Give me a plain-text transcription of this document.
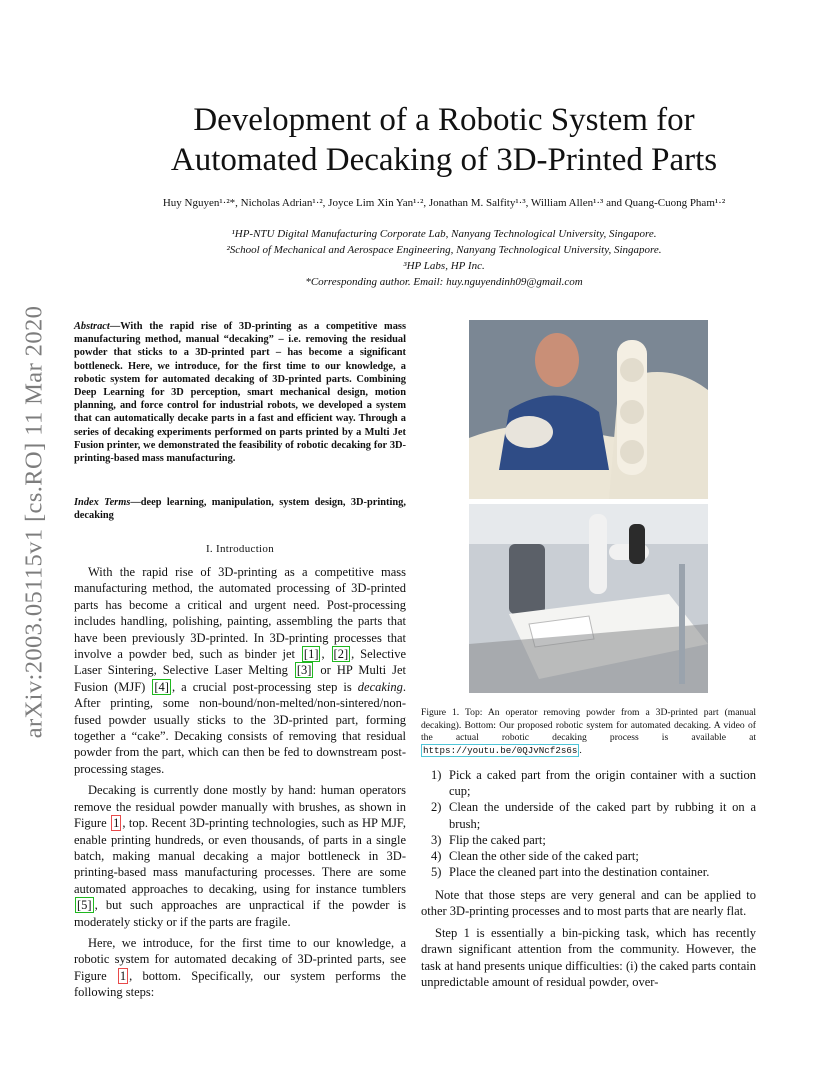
arXiv:2003.05115v1 [cs.RO] 11 Mar 2020
Development of a Robotic System for
Automated Decaking of 3D-Printed Parts
Huy Nguyen¹·²*, Nicholas Adrian¹·², Joyce Lim Xin Yan¹·², Jonathan M. Salfity¹·³, William Allen¹·³ and Quang-Cuong Pham¹·²
¹HP-NTU Digital Manufacturing Corporate Lab, Nanyang Technological University, Singapore.
²School of Mechanical and Aerospace Engineering, Nanyang Technological University, Singapore.
³HP Labs, HP Inc.
*Corresponding author. Email: huy.nguyendinh09@gmail.com

Abstract—With the rapid rise of 3D-printing as a competitive mass manufacturing method, manual “decaking” – i.e. removing the residual powder that sticks to a 3D-printed part – has become a significant bottleneck. Here, we introduce, for the first time to our knowledge, a robotic system for automated decaking of 3D-printed parts. Combining Deep Learning for 3D perception, smart mechanical design, motion planning, and force control for industrial robots, we developed a system that can automatically decake parts in a fast and efficient way. Through a series of decaking experiments performed on parts printed by a Multi Jet Fusion printer, we demonstrated the feasibility of robotic decaking for 3D-printing-based mass manufacturing.

Index Terms—deep learning, manipulation, system design, 3D-printing, decaking

I. Introduction

With the rapid rise of 3D-printing as a competitive mass manufacturing method, the automated processing of 3D-printed parts has become a critical and urgent need. Post-processing includes handling, polishing, painting, assembling the parts that have been previously 3D-printed. In 3D-printing processes that involve a powder bed, such as binder jet [1] , [2] , Selective Laser Sintering, Selective Laser Melting [3] or HP Multi Jet Fusion (MJF) [4] , a crucial post-processing step is decaking. After printing, some non-bound/non-melted/non-sintered/non-fused powder usually sticks to the 3D-printed part, forming together a “cake”. Decaking consists of removing that residual powder from the part, which can then be fed to downstream post-processing stages.

Decaking is currently done mostly by hand: human operators remove the residual powder manually with brushes, as shown in Figure 1 , top. Recent 3D-printing technologies, such as HP MJF, enable printing hundreds, or even thousands, of parts in a single batch, making manual decaking a major bottleneck in 3D-printing-based mass manufacturing processes. There are some automated approaches to decaking, using for instance tumblers [5] , but such approaches are unpractical if the powder is moderately sticky or if the parts are fragile.

Here, we introduce, for the first time to our knowledge, a robotic system for automated decaking of 3D-printed parts, see Figure 1 , bottom. Specifically, our system performs the following steps:

Figure 1. Top: An operator removing powder from a 3D-printed part (manual decaking). Bottom: Our proposed robotic system for automated decaking. A video of the actual robotic decaking process is available at https://youtu.be/0QJvNcf2s6s .
1) Pick a caked part from the origin container with a suction cup;
2) Clean the underside of the caked part by rubbing it on a brush;
3) Flip the caked part;
4) Clean the other side of the caked part;
5) Place the cleaned part into the destination container.

Note that those steps are very general and can be applied to other 3D-printing processes and to most parts that are nearly flat.

Step 1 is essentially a bin-picking task, which has recently drawn significant attention from the community. However, the task at hand presents unique difficulties: (i) the caked parts contain unpredictable amount of residual powder, over-
